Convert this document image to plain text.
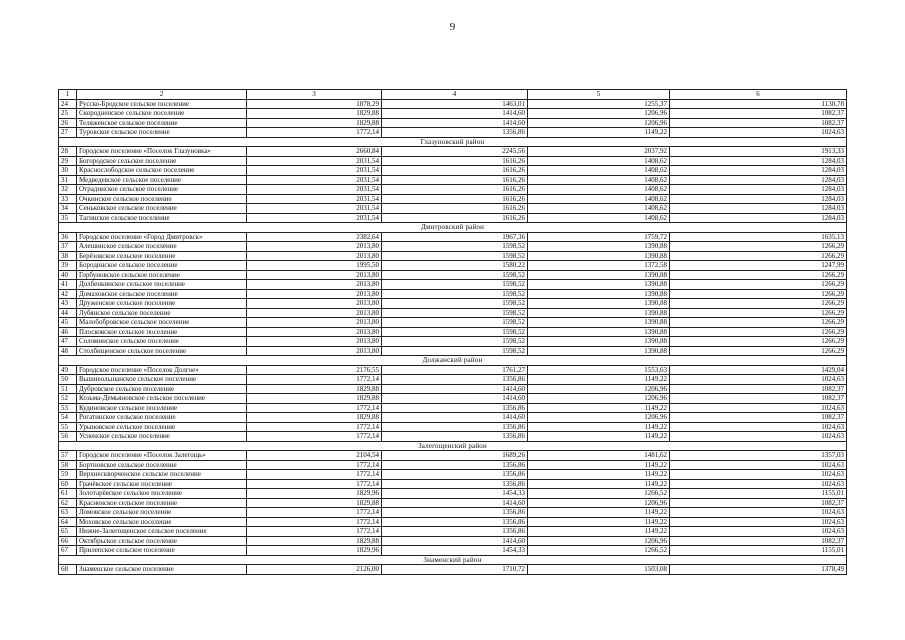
9
1	2	3	4	5	6
24	Русско-Бродское сельское поселение	1878,29	1463,01	1255,37	1130,78
25	Скородненское сельское поселение	1829,88	1414,60	1206,96	1082,37
26	Теляженское сельское поселение	1829,88	1414,60	1206,96	1082,37
27	Туровское сельское поселение	1772,14	1356,86	1149,22	1024,63
Глазуновский район					
28	Городское поселение «Поселок Глазуновка»	2660,84	2245,56	2037,92	1913,33
29	Богородское сельское поселение	2031,54	1616,26	1408,62	1284,03
30	Краснослободское сельское поселение	2031,54	1616,26	1408,62	1284,03
31	Медведевское сельское поселение	2031,54	1616,26	1408,62	1284,03
32	Отрадинское сельское поселение	2031,54	1616,26	1408,62	1284,03
33	Очкинское сельское поселение	2031,54	1616,26	1408,62	1284,03
34	Сеньковское сельское поселение	2031,54	1616,26	1408,62	1284,03
35	Тагинское сельское поселение	2031,54	1616,26	1408,62	1284,03
Дмитровский район					
36	Городское поселение «Город Дмитровск»	2382,64	1967,36	1759,72	1635,13
37	Алешинское сельское поселение	2013,80	1598,52	1390,88	1266,29
38	Берёзовское сельское поселение	2013,80	1598,52	1390,88	1266,29
39	Бородинское сельское поселение	1995,50	1580,22	1372,58	1247,99
40	Горбуновское сельское поселение	2013,80	1598,52	1390,88	1266,29
41	Долбенкинское сельское поселение	2013,80	1598,52	1390,88	1266,29
42	Домаховское сельское поселение	2013,80	1598,52	1390,88	1266,29
43	Друженское сельское поселение	2013,80	1598,52	1390,88	1266,29
44	Лубянское сельское поселение	2013,80	1598,52	1390,88	1266,29
45	Малобобровское сельское поселение	2013,80	1598,52	1390,88	1266,29
46	Плосковское сельское поселение	2013,80	1598,52	1390,88	1266,29
47	Соломинское сельское поселение	2013,80	1598,52	1390,88	1266,29
48	Столбищенское сельское поселение	2013,80	1598,52	1390,88	1266,29
Должанский район					
49	Городское поселение «Поселок Долгое»	2176,55	1761,27	1553,63	1429,04
50	Вышнеольшанское сельское поселение	1772,14	1356,86	1149,22	1024,63
51	Дубровское сельское поселение	1829,88	1414,60	1206,96	1082,37
52	Козьма-Демьяновское сельское поселение	1829,88	1414,60	1206,96	1082,37
53	Кудиновское сельское поселение	1772,14	1356,86	1149,22	1024,63
54	Рогатинское сельское поселение	1829,88	1414,60	1206,96	1082,37
55	Урыновское сельское поселение	1772,14	1356,86	1149,22	1024,63
56	Успенское сельское поселение	1772,14	1356,86	1149,22	1024,63
Залегощенский район					
57	Городское поселение «Поселок Залегощь»	2104,54	1689,26	1481,62	1357,03
58	Бортновское сельское поселение	1772,14	1356,86	1149,22	1024,63
59	Верхнескворченское сельское поселение	1772,14	1356,86	1149,22	1024,63
60	Грачёвское сельское поселение	1772,14	1356,86	1149,22	1024,63
61	Золотарёвское сельское поселение	1829,96	1454,33	1266,52	1155,01
62	Красненское сельское поселение	1829,88	1414,60	1206,96	1082,37
63	Ломовское сельское поселение	1772,14	1356,86	1149,22	1024,63
64	Моховское сельское поселение	1772,14	1356,86	1149,22	1024,63
65	Нижне-Залегощенское сельское поселение	1772,14	1356,86	1149,22	1024,63
66	Октябрьское сельское поселение	1829,88	1414,60	1206,96	1082,37
67	Прилепское сельское поселение	1829,96	1454,33	1266,52	1155,01
Знаменский район					
68	Знаменское сельское поселение	2126,00	1710,72	1503,08	1378,49
